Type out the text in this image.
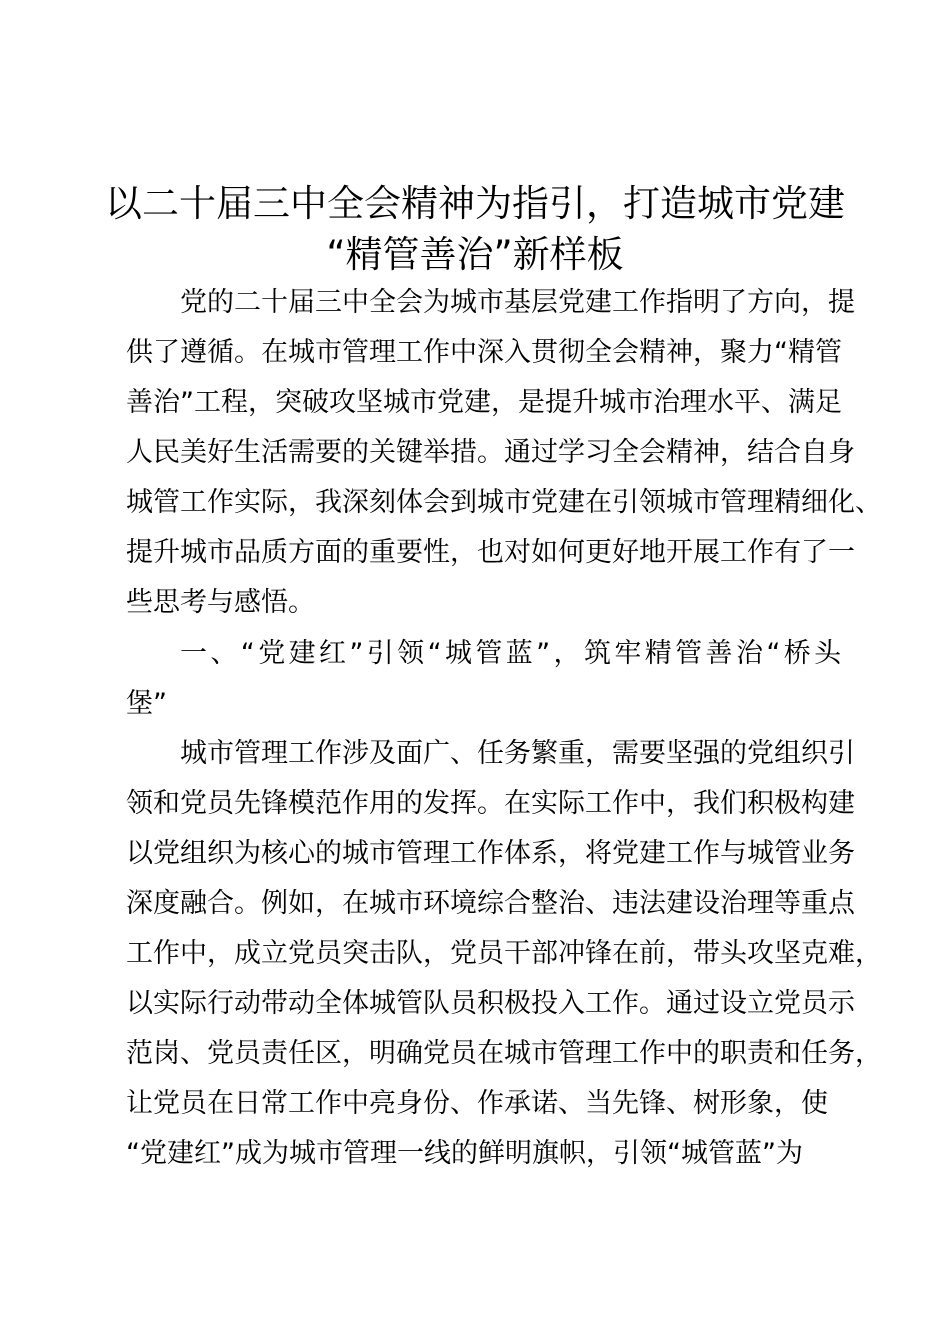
以二十届三中全会精神为指引，打造城市党建
“精管善治”新样板
党的二十届三中全会为城市基层党建工作指明了方向，提
供了遵循。在城市管理工作中深入贯彻全会精神，聚力“精管
善治”工程，突破攻坚城市党建，是提升城市治理水平、满足
人民美好生活需要的关键举措。通过学习全会精神，结合自身
城管工作实际，我深刻体会到城市党建在引领城市管理精细化、
提升城市品质方面的重要性，也对如何更好地开展工作有了一
些思考与感悟。
一、“党建红”引领“城管蓝”，筑牢精管善治“桥头
堡”
城市管理工作涉及面广、任务繁重，需要坚强的党组织引
领和党员先锋模范作用的发挥。在实际工作中，我们积极构建
以党组织为核心的城市管理工作体系，将党建工作与城管业务
深度融合。例如，在城市环境综合整治、违法建设治理等重点
工作中，成立党员突击队，党员干部冲锋在前，带头攻坚克难，
以实际行动带动全体城管队员积极投入工作。通过设立党员示
范岗、党员责任区，明确党员在城市管理工作中的职责和任务，
让党员在日常工作中亮身份、作承诺、当先锋、树形象，使
“党建红”成为城市管理一线的鲜明旗帜，引领“城管蓝”为
